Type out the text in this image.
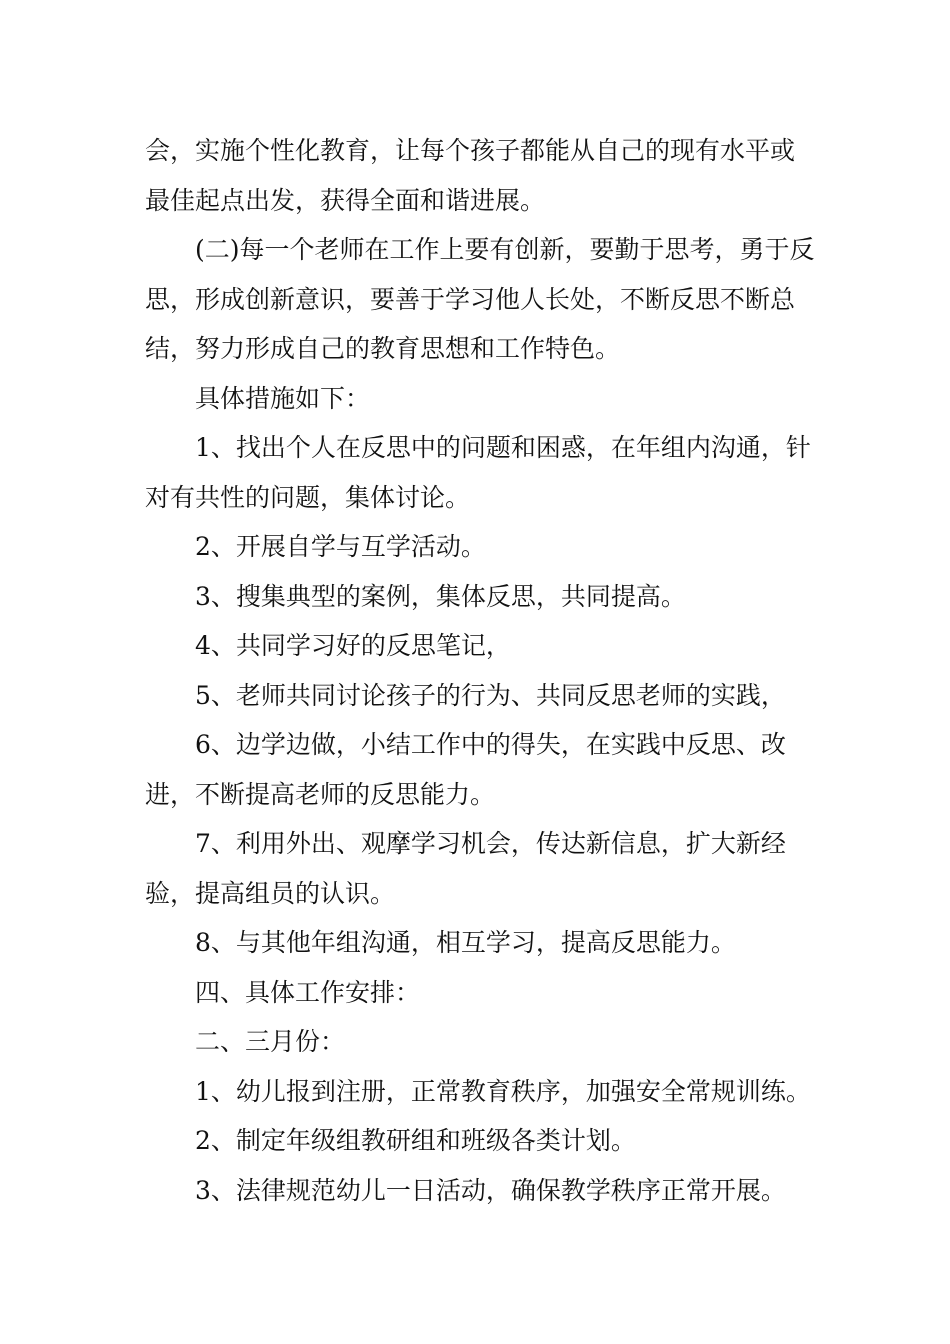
会，实施个性化教育，让每个孩子都能从自己的现有水平或最佳起点出发，获得全面和谐进展。

(二)每一个老师在工作上要有创新，要勤于思考，勇于反思，形成创新意识，要善于学习他人长处，不断反思不断总结，努力形成自己的教育思想和工作特色。

具体措施如下：

1、找出个人在反思中的问题和困惑，在年组内沟通，针对有共性的问题，集体讨论。

2、开展自学与互学活动。

3、搜集典型的案例，集体反思，共同提高。

4、共同学习好的反思笔记，

5、老师共同讨论孩子的行为、共同反思老师的实践，

6、边学边做，小结工作中的得失，在实践中反思、改进，不断提高老师的反思能力。

7、利用外出、观摩学习机会，传达新信息，扩大新经验，提高组员的认识。

8、与其他年组沟通，相互学习，提高反思能力。

四、具体工作安排：

二、三月份：

1、幼儿报到注册，正常教育秩序，加强安全常规训练。

2、制定年级组教研组和班级各类计划。

3、法律规范幼儿一日活动，确保教学秩序正常开展。
